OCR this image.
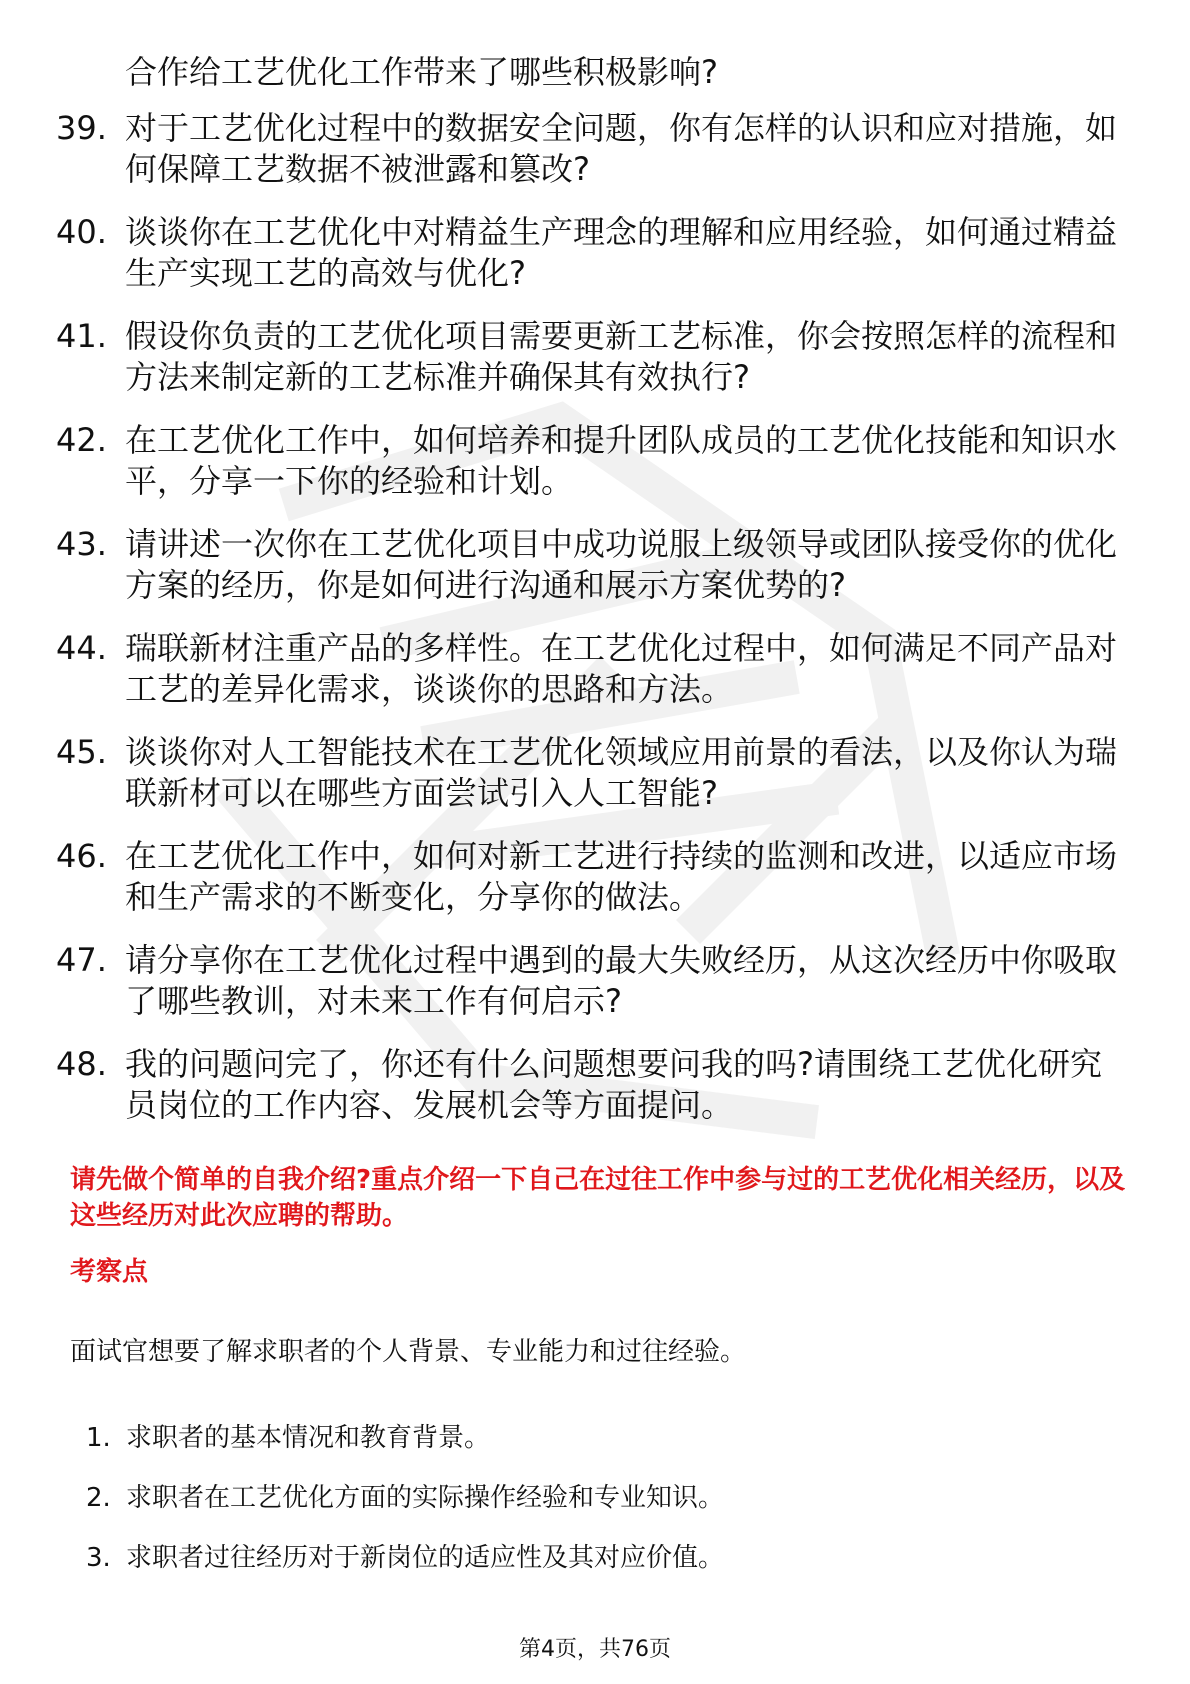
合作给工艺优化工作带来了哪些积极影响?
39. 对于工艺优化过程中的数据安全问题，你有怎样的认识和应对措施，如何保障工艺数据不被泄露和篡改?
40. 谈谈你在工艺优化中对精益生产理念的理解和应用经验，如何通过精益生产实现工艺的高效与优化?
41. 假设你负责的工艺优化项目需要更新工艺标准，你会按照怎样的流程和方法来制定新的工艺标准并确保其有效执行?
42. 在工艺优化工作中，如何培养和提升团队成员的工艺优化技能和知识水平，分享一下你的经验和计划。
43. 请讲述一次你在工艺优化项目中成功说服上级领导或团队接受你的优化方案的经历，你是如何进行沟通和展示方案优势的?
44. 瑞联新材注重产品的多样性。在工艺优化过程中，如何满足不同产品对工艺的差异化需求，谈谈你的思路和方法。
45. 谈谈你对人工智能技术在工艺优化领域应用前景的看法，以及你认为瑞联新材可以在哪些方面尝试引入人工智能?
46. 在工艺优化工作中，如何对新工艺进行持续的监测和改进，以适应市场和生产需求的不断变化，分享你的做法。
47. 请分享你在工艺优化过程中遇到的最大失败经历，从这次经历中你吸取了哪些教训，对未来工作有何启示?
48. 我的问题问完了，你还有什么问题想要问我的吗?请围绕工艺优化研究员岗位的工作内容、发展机会等方面提问。
请先做个简单的自我介绍?重点介绍一下自己在过往工作中参与过的工艺优化相关经历，以及这些经历对此次应聘的帮助。
考察点
面试官想要了解求职者的个人背景、专业能力和过往经验。
1. 求职者的基本情况和教育背景。
2. 求职者在工艺优化方面的实际操作经验和专业知识。
3. 求职者过往经历对于新岗位的适应性及其对应价值。
第4页，共76页
